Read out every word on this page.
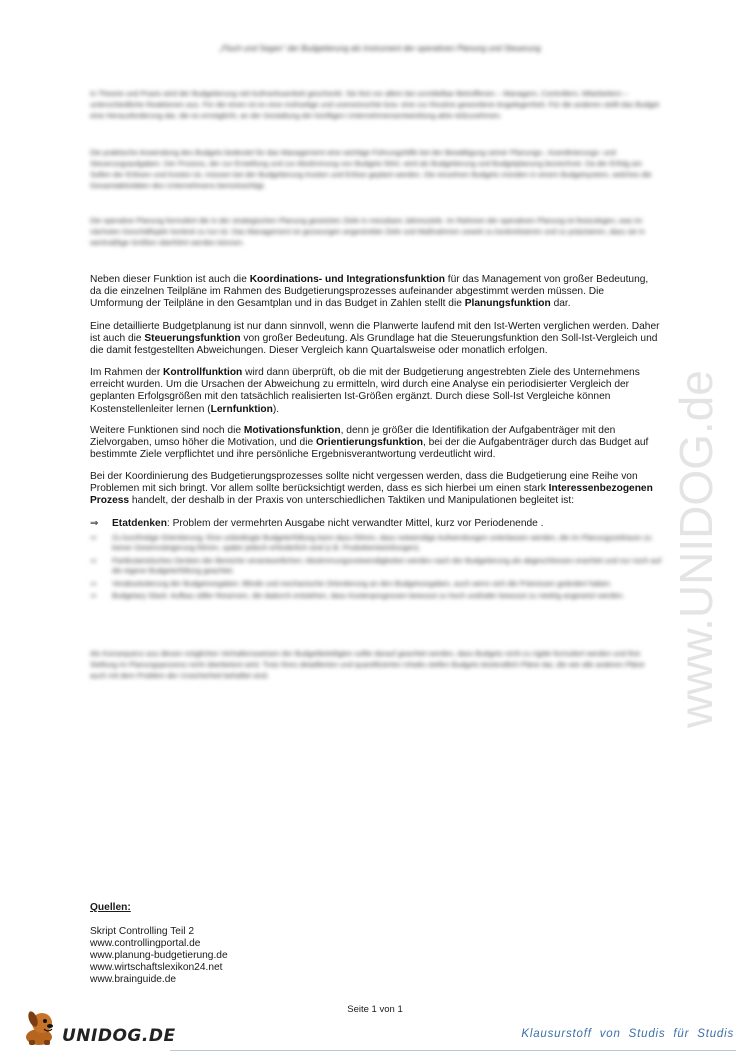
„Fluch und Segen“ der Budgetierung als Instrument der operativen Planung und Steuerung
In Theorie und Praxis wird der Budgetierung viel Aufmerksamkeit geschenkt. Sie löst vor allem bei unmittelbar Betroffenen – Managern, Controllern, Mitarbeitern – unterschiedliche Reaktionen aus. Für die einen ist es eine mühselige und unerwünschte bzw. eine zur Routine gewordene Angelegenheit. Für die anderen stellt das Budget eine Herausforderung dar, die es ermöglicht, an der Gestaltung der künftigen Unternehmensentwicklung aktiv teilzunehmen.
Die praktische Anwendung des Budgets bedeutet für das Management eine wichtige Führungshilfe bei der Bewältigung seiner Planungs-, Koordinierungs- und Steuerungsaufgaben. Der Prozess, der zur Erstellung und zur Abstimmung von Budgets führt, wird als Budgetierung und Budgetplanung bezeichnet. Da der Erfolg am Sollen der Erlösen und Kosten ist, müssen bei der Budgetierung Kosten und Erlöse geplant werden. Die einzelnen Budgets münden in einem Budgetsystem, welches die Gesamtaktivitäten des Unternehmens berücksichtigt.
Die operative Planung formuliert die in der strategischen Planung gesetzten Ziele in messbare Jahresziele. Im Rahmen der operativen Planung ist festzulegen, was im nächsten Geschäftsjahr konkret zu tun ist. Das Management ist gezwungen angestrebte Ziele und Maßnahmen soweit zu konkretisieren und zu präzisieren, dass sie in wertmäßige Größen überführt werden können.
Neben dieser Funktion ist auch die Koordinations- und Integrationsfunktion für das Management von großer Bedeutung, da die einzelnen Teilpläne im Rahmen des Budgetierungsprozesses aufeinander abgestimmt werden müssen. Die Umformung der Teilpläne in den Gesamtplan und in das Budget in Zahlen stellt die Planungsfunktion dar.
Eine detaillierte Budgetplanung ist nur dann sinnvoll, wenn die Planwerte laufend mit den Ist-Werten verglichen werden. Daher ist auch die Steuerungsfunktion von großer Bedeutung. Als Grundlage hat die Steuerungsfunktion den Soll-Ist-Vergleich und die damit festgestellten Abweichungen. Dieser Vergleich kann Quartalsweise oder monatlich erfolgen.
Im Rahmen der Kontrollfunktion wird dann überprüft, ob die mit der Budgetierung angestrebten Ziele des Unternehmens erreicht wurden. Um die Ursachen der Abweichung zu ermitteln, wird durch eine Analyse ein periodisierter Vergleich der geplanten Erfolgsgrößen mit den tatsächlich realisierten Ist-Größen ergänzt. Durch diese Soll-Ist Vergleiche können Kostenstellenleiter lernen (Lernfunktion).
Weitere Funktionen sind noch die Motivationsfunktion, denn je größer die Identifikation der Aufgabenträger mit den Zielvorgaben, umso höher die Motivation, und die Orientierungsfunktion, bei der die Aufgabenträger durch das Budget auf bestimmte Ziele verpflichtet und ihre persönliche Ergebnisverantwortung verdeutlicht wird.
Bei der Koordinierung des Budgetierungsprozesses sollte nicht vergessen werden, dass die Budgetierung eine Reihe von Problemen mit sich bringt. Vor allem sollte berücksichtigt werden, dass es sich hierbei um einen stark Interessenbezogenen Prozess handelt, der deshalb in der Praxis von unterschiedlichen Taktiken und Manipulationen begleitet ist:
⇒	Etatdenken: Problem der vermehrten Ausgabe nicht verwandter Mittel, kurz vor Periodenende .
⇒	Zu kurzfristige Orientierung: Eine unbedingte Budgeterfüllung kann dazu führen, dass notwendige Aufwendungen unterlassen werden, die im Planungszeitraum zu keiner Gewinnsteigerung führen, später jedoch erforderlich sind (z.B. Produktentwicklungen).
⇒	Partikularistisches Denken der Bereiche verantwortlichen: Abstimmungsnotwendigkeiten werden nach der Budgetierung als abgeschlossen erachtet und nur noch auf die eigene Budgeterfüllung geachtet.
⇒	Verabsolutierung der Budgetvorgaben: Blinde und mechanische Orientierung an den Budgetvorgaben, auch wenn sich die Prämissen geändert haben.
⇒	Budgetary Slack: Aufbau stiller Reserven, die dadurch entstehen, dass Kostenprognosen bewusst zu hoch und/oder bewusst zu niedrig angesetzt werden.
Als Konsequenz aus diesen möglichen Verhaltensweisen der Budgetbeteiligten sollte darauf geachtet werden, dass Budgets nicht zu rigide formuliert werden und ihre Stellung im Planungsprozess nicht überbetont wird. Trotz ihres detaillierten und quantifizierten Inhalts stellen Budgets letztendlich Pläne dar, die wie alle anderen Pläne auch mit dem Problem der Unsicherheit behaftet sind.	www.UNIDOG.de
Quellen:
Skript Controlling Teil 2
www.controllingportal.de
www.planung-budgetierung.de
www.wirtschaftslexikon24.net
www.brainguide.de
Seite 1 von 1
UNIDOG.DE	Klausurstoff von Studis für Studis
